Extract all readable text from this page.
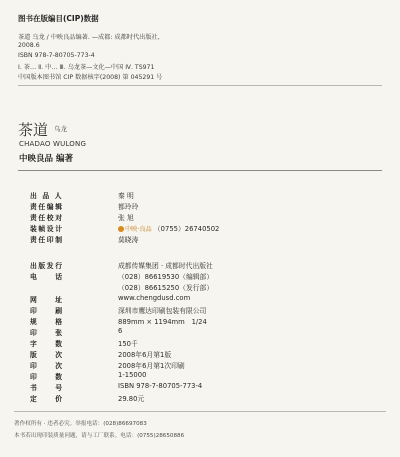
图书在版编目(CIP)数据
茶道 乌龙 / 中映良品编著. —成都: 成都时代出版社,
2008.6
ISBN 978-7-80705-773-4
Ⅰ. 茶… Ⅱ. 中… Ⅲ. 乌龙茶—文化—中国 Ⅳ. TS971
中国版本图书馆 CIP 数据核字(2008) 第 045291 号
茶道 乌龙
CHADAO WULONG
中映良品 编著
出 品 人	秦 明
责任编辑	都玲玲
责任校对	张 旭
装帧设计	中映·良品 （0755）26740502
责任印制	莫晓涛
出版发行	成都传媒集团 · 成都时代出版社
电　　话	（028）86619530（编辑部）
（028）86615250（发行部）
网　　址	www.chengdusd.com
印　　刷	深圳市鹰达印刷包装有限公司
规　　格	889mm × 1194mm　1/24
印　　张	6
字　　数	150千
版　　次	2008年6月第1版
印　　次	2008年6月第1次印刷
印　　数	1-15000
书　　号	ISBN 978-7-80705-773-4
定　　价	29.80元
著作权所有 · 违者必究。举报电话：(028)86697083
本书若出现印装质量问题，请与工厂联系。电话：(0755)28650886
